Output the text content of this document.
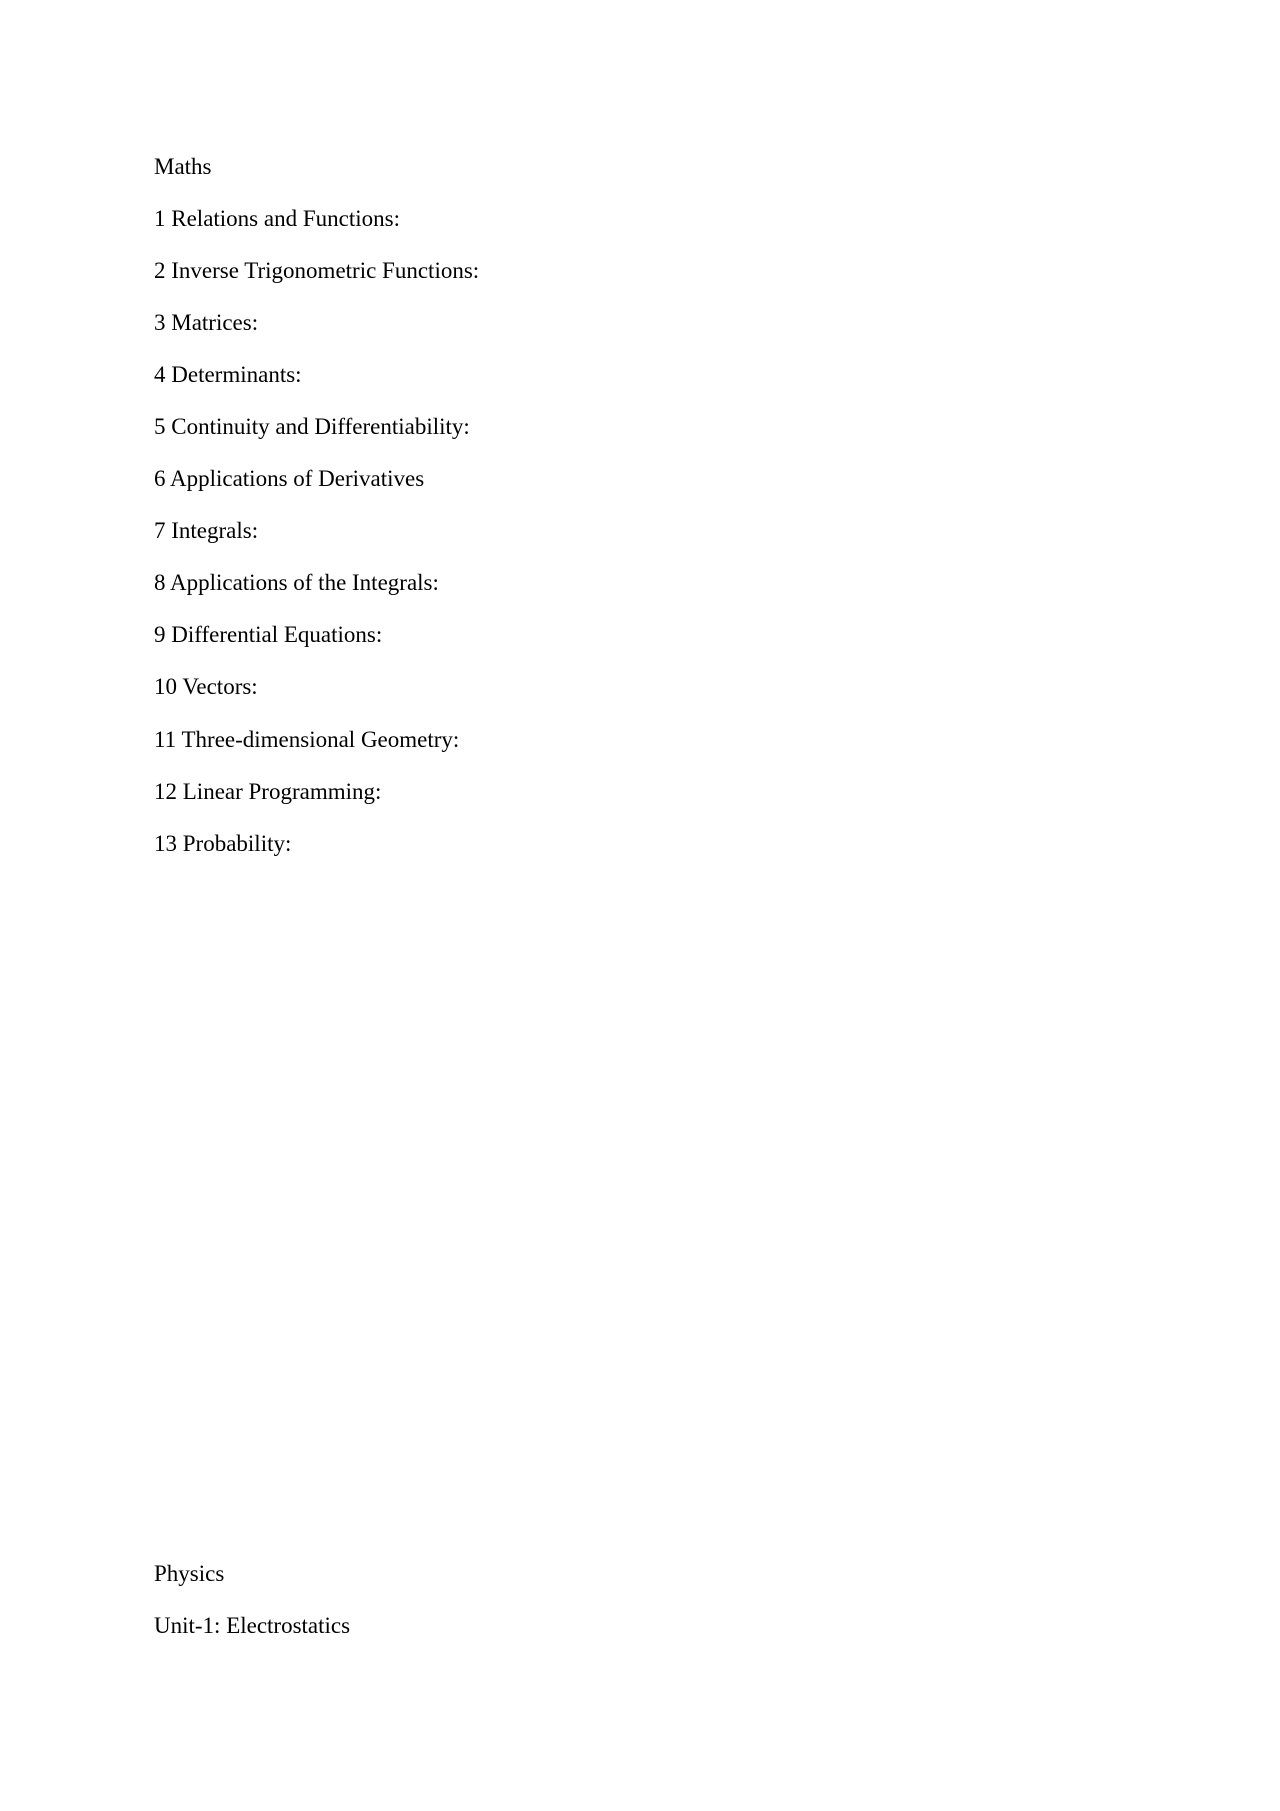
Maths

1 Relations and Functions:

2 Inverse Trigonometric Functions:

3 Matrices:

4 Determinants:

5 Continuity and Differentiability:

6 Applications of Derivatives

7 Integrals:

8 Applications of the Integrals:

9 Differential Equations:

10 Vectors:

11 Three-dimensional Geometry:

12 Linear Programming:

13 Probability:

Physics

Unit-1: Electrostatics
